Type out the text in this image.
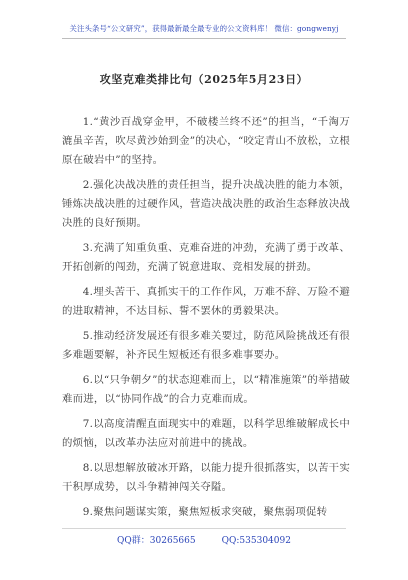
关注头条号“公文研究”，获得最新最全最专业的公文资料库！ 微信：gongwenyj
攻坚克难类排比句（2025年5月23日）

1.“黄沙百战穿金甲，不破楼兰终不还”的担当，“千淘万漉虽辛苦，吹尽黄沙始到金”的决心，“咬定青山不放松，立根原在破岩中”的坚持。

2.强化决战决胜的责任担当，提升决战决胜的能力本领，锤炼决战决胜的过硬作风，营造决战决胜的政治生态释放决战决胜的良好预期。

3.充满了知重负重、克难奋进的冲劲，充满了勇于改革、开拓创新的闯劲，充满了锐意进取、竞相发展的拼劲。

4.埋头苦干、真抓实干的工作作风，万难不辞、万险不避的进取精神，不达目标、誓不罢休的勇毅果决。

5.推动经济发展还有很多难关要过，防范风险挑战还有很多难题要解，补齐民生短板还有很多难事要办。

6.以“只争朝夕”的状态迎难而上，以“精准施策”的举措破难而进，以“协同作战”的合力克难而成。

7.以高度清醒直面现实中的难题，以科学思维破解成长中的烦恼，以改革办法应对前进中的挑战。

8.以思想解放破冰开路，以能力提升很抓落实，以苦干实干积厚成势，以斗争精神闯关夺隘。

9.聚焦问题谋实策，聚焦短板求突破，聚焦弱项促转

QQ群：30265665	QQ:535304092
